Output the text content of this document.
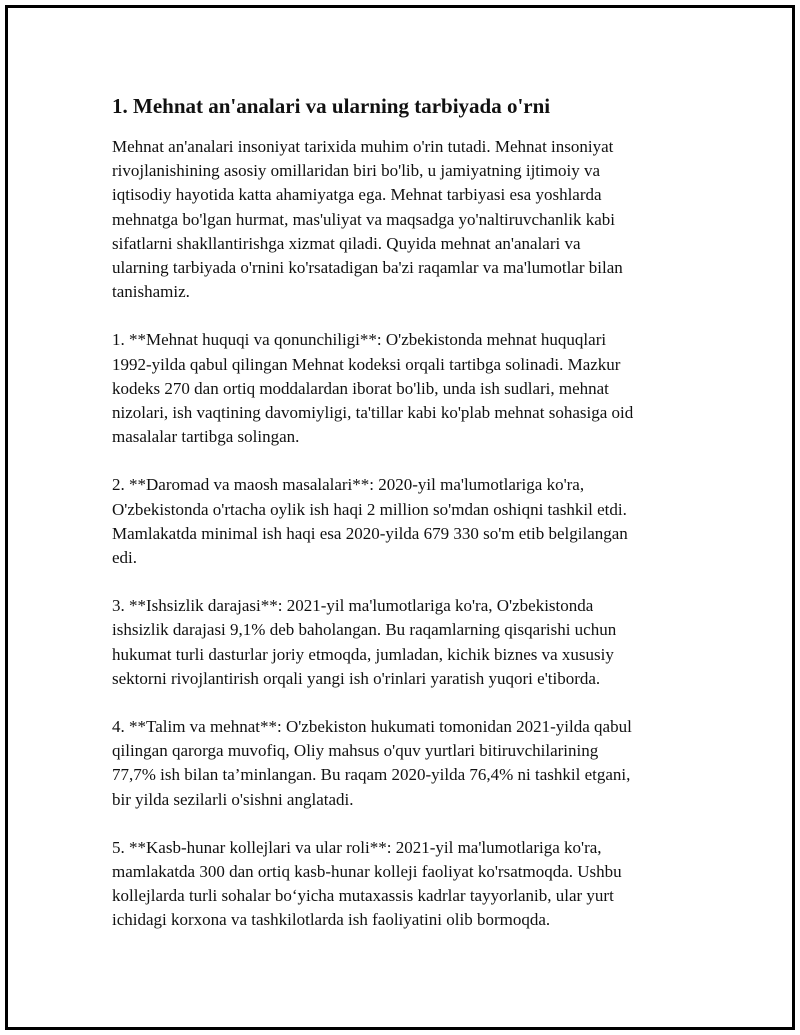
1. Mehnat an'analari va ularning tarbiyada o'rni

Mehnat an'analari insoniyat tarixida muhim o'rin tutadi. Mehnat insoniyat
rivojlanishining asosiy omillaridan biri bo'lib, u jamiyatning ijtimoiy va
iqtisodiy hayotida katta ahamiyatga ega. Mehnat tarbiyasi esa yoshlarda
mehnatga bo'lgan hurmat, mas'uliyat va maqsadga yo'naltiruvchanlik kabi
sifatlarni shakllantirishga xizmat qiladi. Quyida mehnat an'analari va
ularning tarbiyada o'rnini ko'rsatadigan ba'zi raqamlar va ma'lumotlar bilan
tanishamiz.

1. **Mehnat huquqi va qonunchiligi**: O'zbekistonda mehnat huquqlari
1992-yilda qabul qilingan Mehnat kodeksi orqali tartibga solinadi. Mazkur
kodeks 270 dan ortiq moddalardan iborat bo'lib, unda ish sudlari, mehnat
nizolari, ish vaqtining davomiyligi, ta'tillar kabi ko'plab mehnat sohasiga oid
masalalar tartibga solingan.

2. **Daromad va maosh masalalari**: 2020-yil ma'lumotlariga ko'ra,
O'zbekistonda o'rtacha oylik ish haqi 2 million so'mdan oshiqni tashkil etdi.
Mamlakatda minimal ish haqi esa 2020-yilda 679 330 so'm etib belgilangan
edi.

3. **Ishsizlik darajasi**: 2021-yil ma'lumotlariga ko'ra, O'zbekistonda
ishsizlik darajasi 9,1% deb baholangan. Bu raqamlarning qisqarishi uchun
hukumat turli dasturlar joriy etmoqda, jumladan, kichik biznes va xususiy
sektorni rivojlantirish orqali yangi ish o'rinlari yaratish yuqori e'tiborda.

4. **Talim va mehnat**: O'zbekiston hukumati tomonidan 2021-yilda qabul
qilingan qarorga muvofiq, Oliy mahsus o'quv yurtlari bitiruvchilarining
77,7% ish bilan ta’minlangan. Bu raqam 2020-yilda 76,4% ni tashkil etgani,
bir yilda sezilarli o'sishni anglatadi.

5. **Kasb-hunar kollejlari va ular roli**: 2021-yil ma'lumotlariga ko'ra,
mamlakatda 300 dan ortiq kasb-hunar kolleji faoliyat ko'rsatmoqda. Ushbu
kollejlarda turli sohalar bo‘yicha mutaxassis kadrlar tayyorlanib, ular yurt
ichidagi korxona va tashkilotlarda ish faoliyatini olib bormoqda.
